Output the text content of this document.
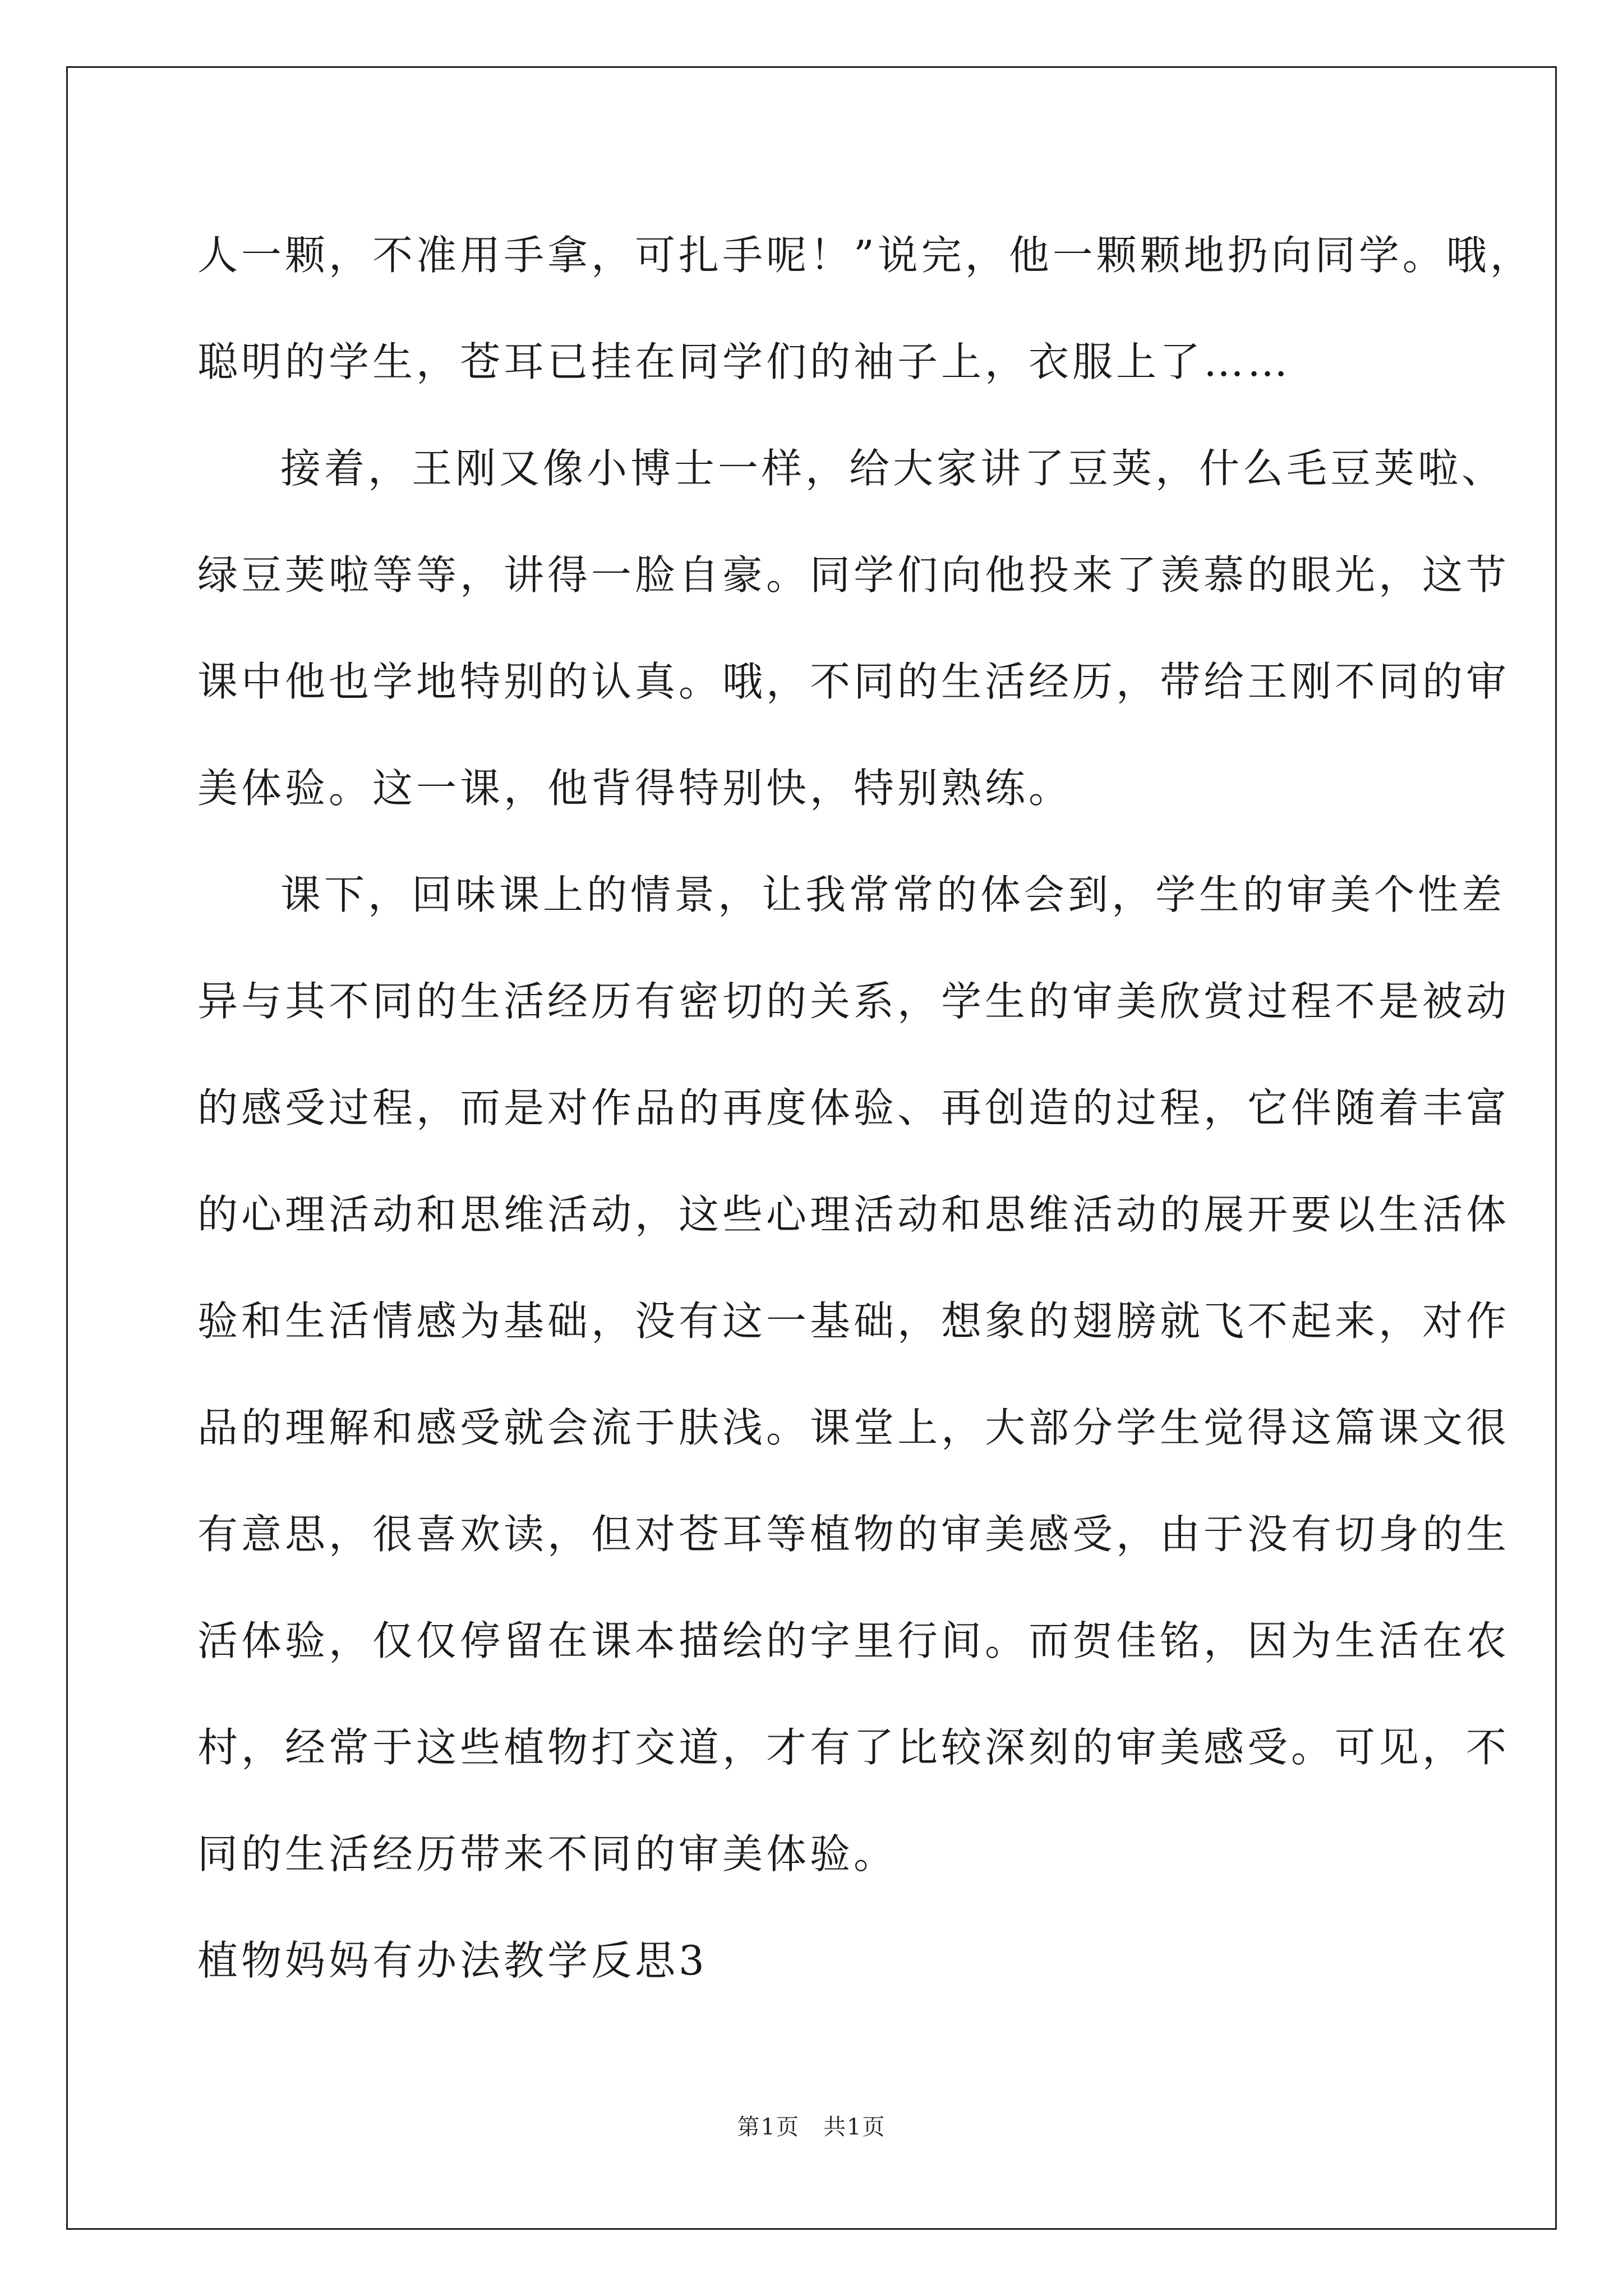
人一颗，不准用手拿，可扎手呢！”说完，他一颗颗地扔向同学。哦，
聪明的学生，苍耳已挂在同学们的袖子上，衣服上了……
接着，王刚又像小博士一样，给大家讲了豆荚，什么毛豆荚啦、
绿豆荚啦等等，讲得一脸自豪。同学们向他投来了羡慕的眼光，这节
课中他也学地特别的认真。哦，不同的生活经历，带给王刚不同的审
美体验。这一课，他背得特别快，特别熟练。
课下，回味课上的情景，让我常常的体会到，学生的审美个性差
异与其不同的生活经历有密切的关系，学生的审美欣赏过程不是被动
的感受过程，而是对作品的再度体验、再创造的过程，它伴随着丰富
的心理活动和思维活动，这些心理活动和思维活动的展开要以生活体
验和生活情感为基础，没有这一基础，想象的翅膀就飞不起来，对作
品的理解和感受就会流于肤浅。课堂上，大部分学生觉得这篇课文很
有意思，很喜欢读，但对苍耳等植物的审美感受，由于没有切身的生
活体验，仅仅停留在课本描绘的字里行间。而贺佳铭，因为生活在农
村，经常于这些植物打交道，才有了比较深刻的审美感受。可见，不
同的生活经历带来不同的审美体验。
植物妈妈有办法教学反思3
第1页　共1页
